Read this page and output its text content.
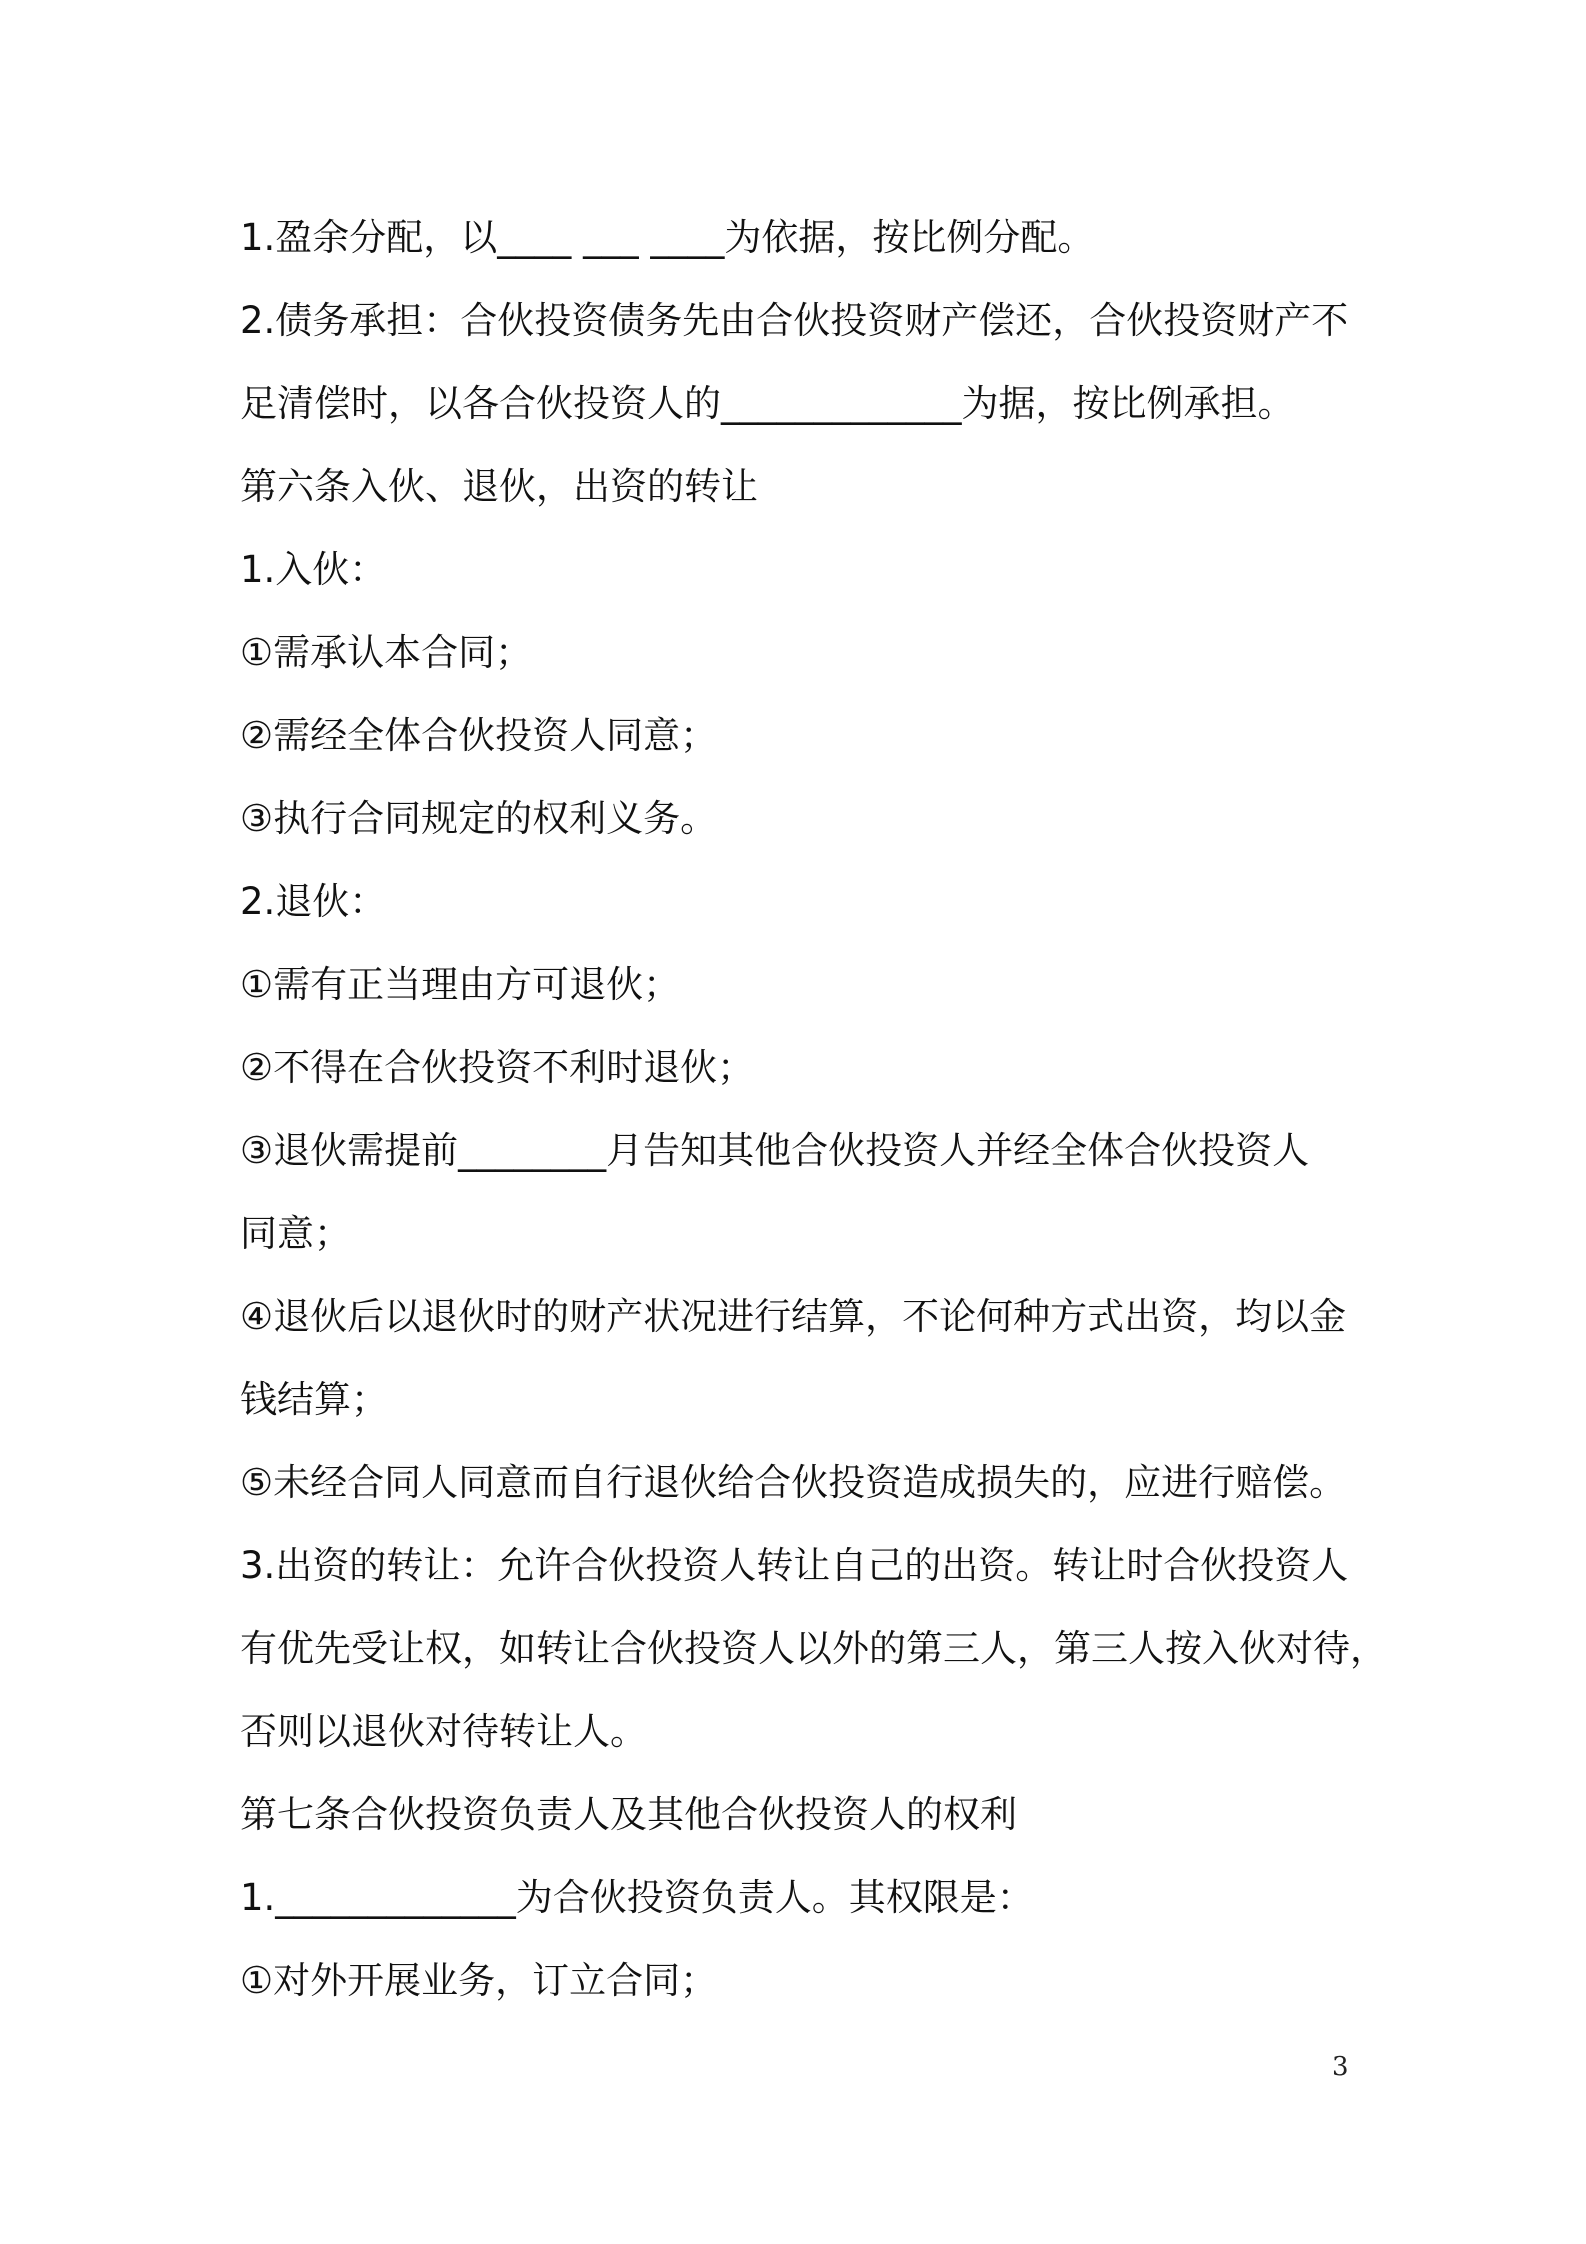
1.盈余分配，以____ ___ ____为依据，按比例分配。
2.债务承担：合伙投资债务先由合伙投资财产偿还，合伙投资财产不
足清偿时，以各合伙投资人的_____________为据，按比例承担。
第六条入伙、退伙，出资的转让
1.入伙：
①需承认本合同；
②需经全体合伙投资人同意；
③执行合同规定的权利义务。
2.退伙：
①需有正当理由方可退伙；
②不得在合伙投资不利时退伙；
③退伙需提前________月告知其他合伙投资人并经全体合伙投资人
同意；
④退伙后以退伙时的财产状况进行结算，不论何种方式出资，均以金
钱结算；
⑤未经合同人同意而自行退伙给合伙投资造成损失的，应进行赔偿。
3.出资的转让：允许合伙投资人转让自己的出资。转让时合伙投资人
有优先受让权，如转让合伙投资人以外的第三人，第三人按入伙对待，
否则以退伙对待转让人。
第七条合伙投资负责人及其他合伙投资人的权利
1._____________为合伙投资负责人。其权限是：
①对外开展业务，订立合同；
3
